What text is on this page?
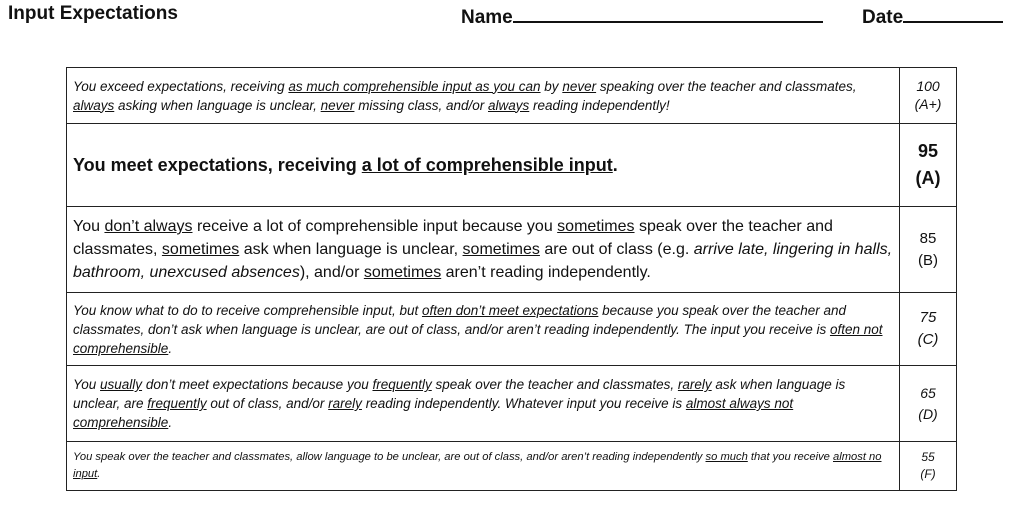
Input Expectations	Name	Date
You exceed expectations, receiving as much comprehensible input as you can by never speaking over the teacher and classmates, always asking when language is unclear, never missing class, and/or always reading independently!	100
(A+)
You meet expectations, receiving a lot of comprehensible input.	95
(A)
You don’t always receive a lot of comprehensible input because you sometimes speak over the teacher and classmates, sometimes ask when language is unclear, sometimes are out of class (e.g. arrive late, lingering in halls, bathroom, unexcused absences), and/or sometimes aren’t reading independently.	85
(B)
You know what to do to receive comprehensible input, but often don’t meet expectations because you speak over the teacher and classmates, don’t ask when language is unclear, are out of class, and/or aren’t reading independently. The input you receive is often not comprehensible.	75
(C)
You usually don’t meet expectations because you frequently speak over the teacher and classmates, rarely ask when language is unclear, are frequently out of class, and/or rarely reading independently. Whatever input you receive is almost always not comprehensible.	65
(D)
You speak over the teacher and classmates, allow language to be unclear, are out of class, and/or aren’t reading independently so much that you receive almost no input.	55
(F)
